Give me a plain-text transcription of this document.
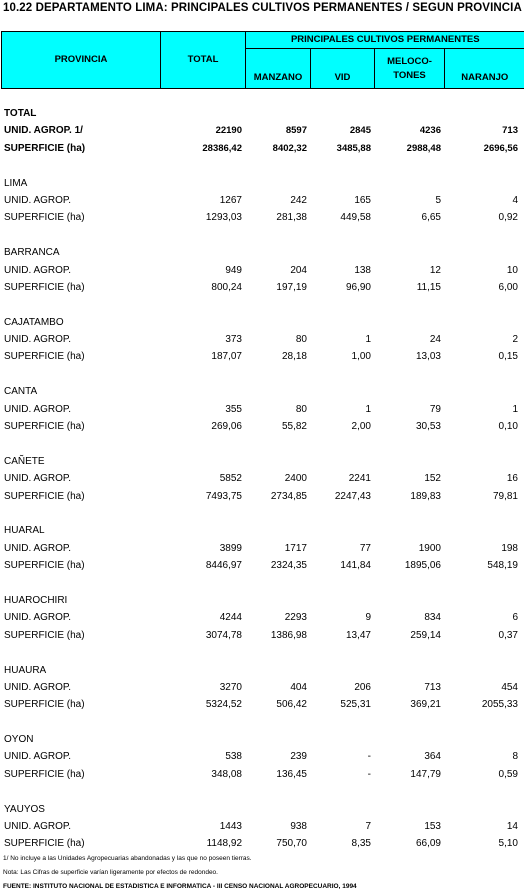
10.22 DEPARTAMENTO LIMA: PRINCIPALES CULTIVOS PERMANENTES / SEGUN PROVINCIA
PROVINCIA	TOTAL	PRINCIPALES CULTIVOS PERMANENTES			
		MANZANO	VID	MELOCO- TONES	NARANJO
TOTAL
UNID. AGROP. 1/	22190	8597	2845	4236	713
SUPERFICIE (ha)	28386,42	8402,32	3485,88	2988,48	2696,56
LIMA
UNID. AGROP.	1267	242	165	5	4
SUPERFICIE (ha)	1293,03	281,38	449,58	6,65	0,92
BARRANCA
UNID. AGROP.	949	204	138	12	10
SUPERFICIE (ha)	800,24	197,19	96,90	11,15	6,00
CAJATAMBO
UNID. AGROP.	373	80	1	24	2
SUPERFICIE (ha)	187,07	28,18	1,00	13,03	0,15
CANTA
UNID. AGROP.	355	80	1	79	1
SUPERFICIE (ha)	269,06	55,82	2,00	30,53	0,10
CAÑETE
UNID. AGROP.	5852	2400	2241	152	16
SUPERFICIE (ha)	7493,75	2734,85	2247,43	189,83	79,81
HUARAL
UNID. AGROP.	3899	1717	77	1900	198
SUPERFICIE (ha)	8446,97	2324,35	141,84	1895,06	548,19
HUAROCHIRI
UNID. AGROP.	4244	2293	9	834	6
SUPERFICIE (ha)	3074,78	1386,98	13,47	259,14	0,37
HUAURA
UNID. AGROP.	3270	404	206	713	454
SUPERFICIE (ha)	5324,52	506,42	525,31	369,21	2055,33
OYON
UNID. AGROP.	538	239	-	364	8
SUPERFICIE (ha)	348,08	136,45	-	147,79	0,59
YAUYOS
UNID. AGROP.	1443	938	7	153	14
SUPERFICIE (ha)	1148,92	750,70	8,35	66,09	5,10
1/ No incluye a las Unidades Agropecuarias abandonadas y las que no poseen tierras.
Nota: Las Cifras de superficie varían ligeramente por efectos de redondeo.
FUENTE: INSTITUTO NACIONAL DE ESTADISTICA E INFORMATICA - III CENSO NACIONAL AGROPECUARIO, 1994
